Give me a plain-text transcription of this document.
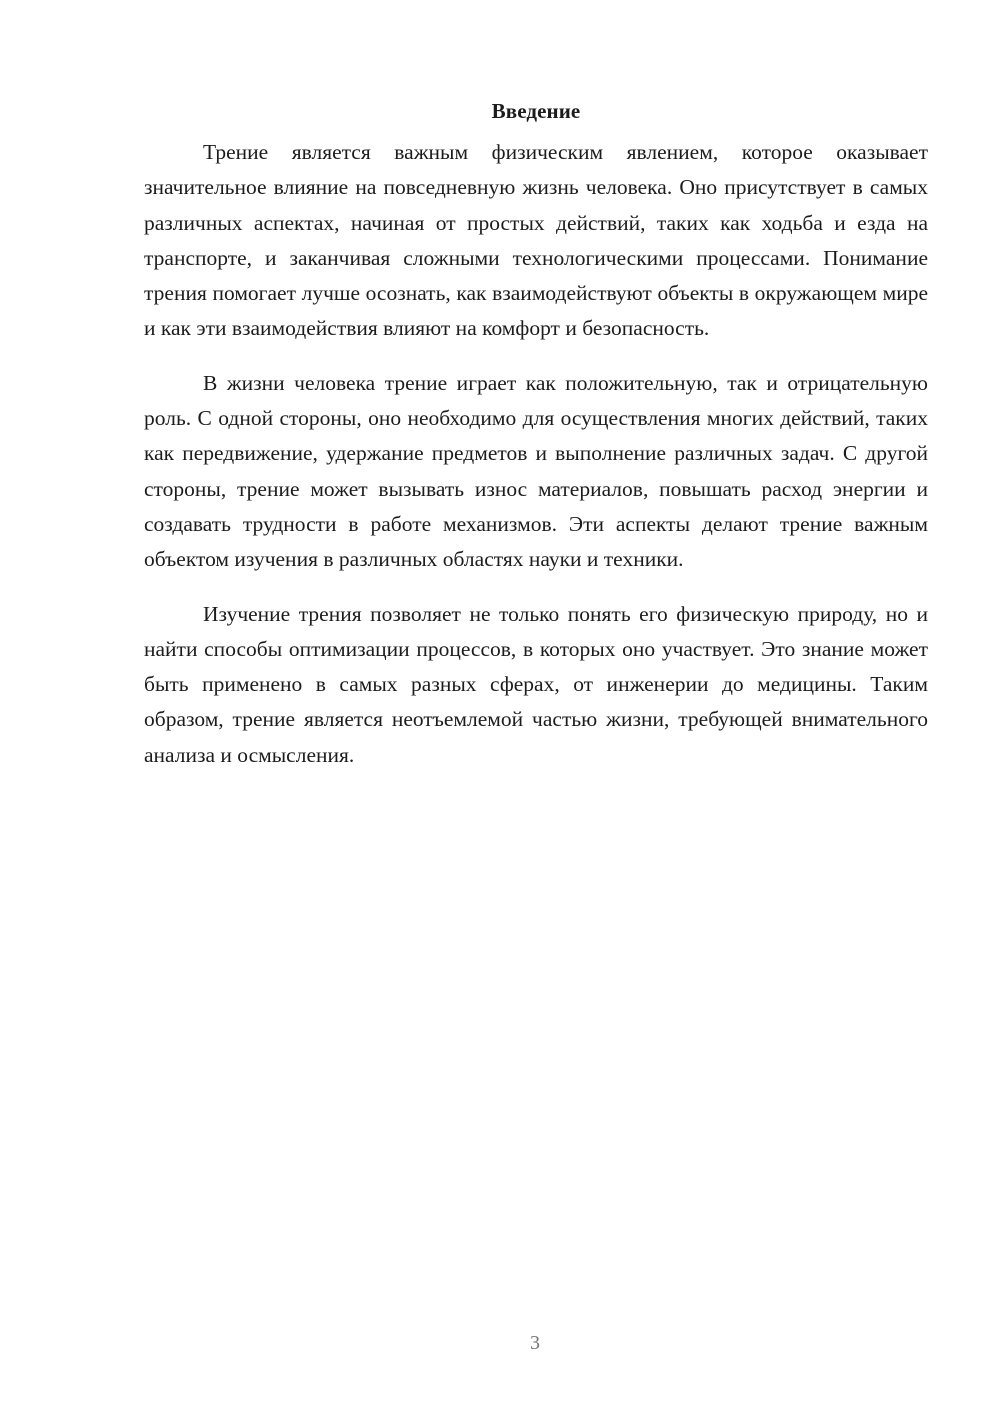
Введение

Трение является важным физическим явлением, которое оказывает значительное влияние на повседневную жизнь человека. Оно присутствует в самых различных аспектах, начиная от простых действий, таких как ходьба и езда на транспорте, и заканчивая сложными технологическими процессами. Понимание трения помогает лучше осознать, как взаимодействуют объекты в окружающем мире и как эти взаимодействия влияют на комфорт и безопасность.

В жизни человека трение играет как положительную, так и отрицательную роль. С одной стороны, оно необходимо для осуществления многих действий, таких как передвижение, удержание предметов и выполнение различных задач. С другой стороны, трение может вызывать износ материалов, повышать расход энергии и создавать трудности в работе механизмов. Эти аспекты делают трение важным объектом изучения в различных областях науки и техники.

Изучение трения позволяет не только понять его физическую природу, но и найти способы оптимизации процессов, в которых оно участвует. Это знание может быть применено в самых разных сферах, от инженерии до медицины. Таким образом, трение является неотъемлемой частью жизни, требующей внимательного анализа и осмысления.

3
